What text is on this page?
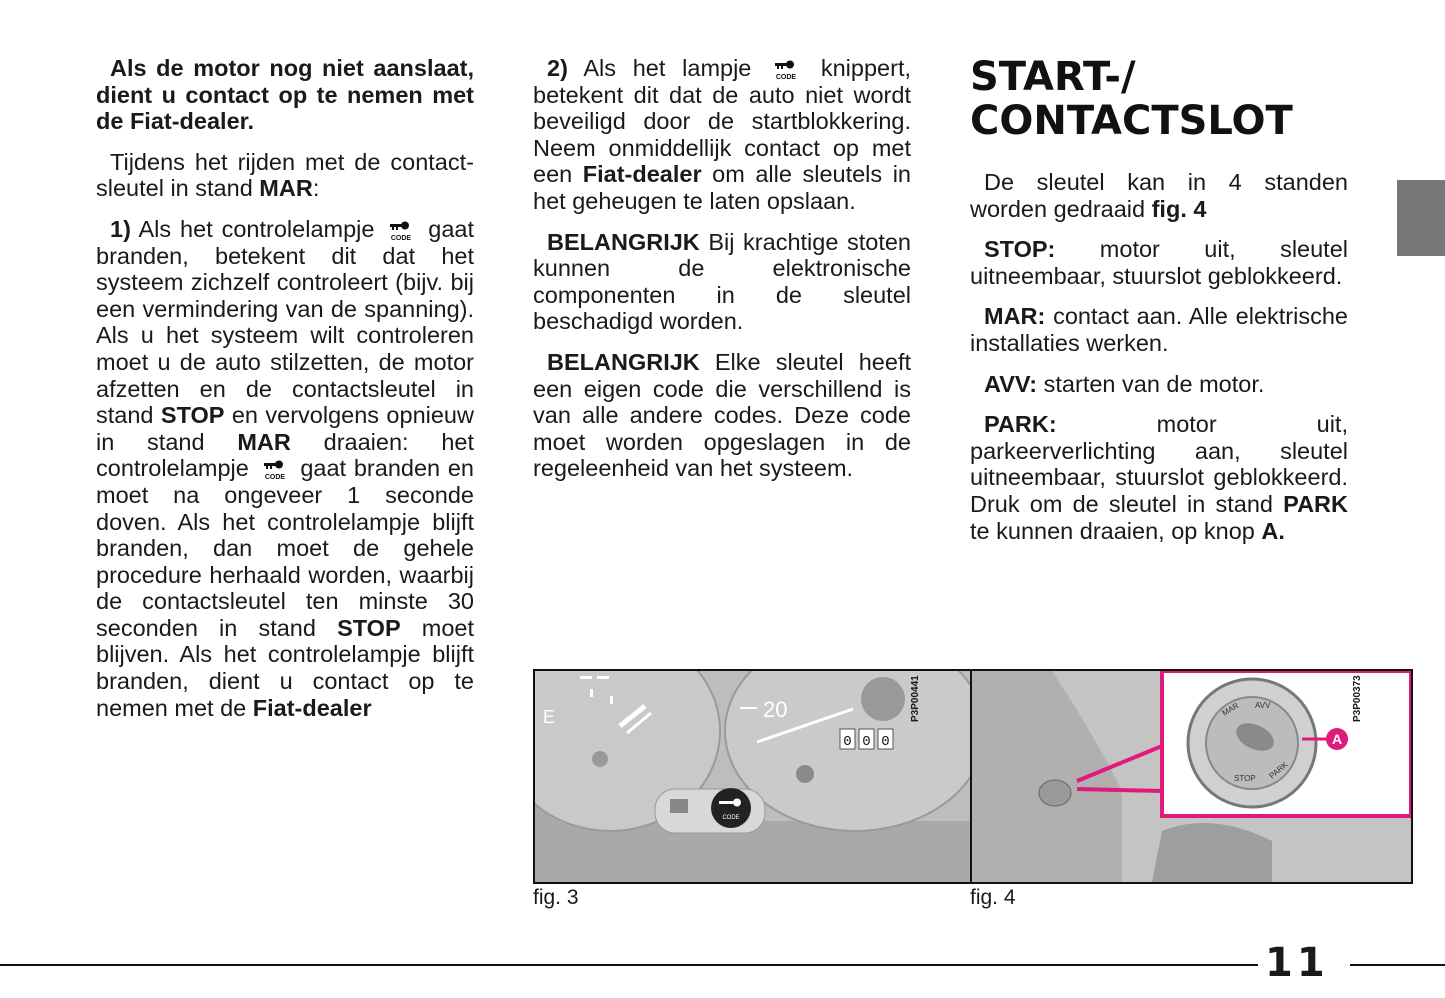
Als de motor nog niet aanslaat, dient u contact op te nemen met de Fiat-dealer.

Tijdens het rijden met de contactsleutel in stand MAR:

1) Als het controlelampje CODE gaat branden, betekent dit dat het systeem zichzelf controleert (bijv. bij een vermindering van de spanning). Als u het systeem wilt controleren moet u de auto stilzetten, de motor afzetten en de contactsleutel in stand STOP en vervolgens opnieuw in stand MAR draaien: het controlelampje CODE gaat branden en moet na ongeveer 1 seconde doven. Als het controlelampje blijft branden, dan moet de gehele procedure herhaald worden, waarbij de contactsleutel ten minste 30 seconden in stand STOP moet blijven. Als het controlelampje blijft branden, dient u contact op te nemen met de Fiat-dealer

2) Als het lampje CODE knippert, betekent dit dat de auto niet wordt beveiligd door de startblokkering. Neem onmiddellijk contact op met een Fiat-dealer om alle sleutels in het geheugen te laten opslaan.

BELANGRIJK Bij krachtige stoten kunnen de elektronische componenten in de sleutel beschadigd worden.

BELANGRIJK Elke sleutel heeft een eigen code die verschillend is van alle andere codes. Deze code moet worden opgeslagen in de regeleenheid van het systeem.

START-/
CONTACTSLOT

De sleutel kan in 4 standen worden gedraaid fig. 4

STOP: motor uit, sleutel uitneembaar, stuurslot geblokkeerd.

MAR: contact aan. Alle elektrische installaties werken.

AVV: starten van de motor.

PARK: motor uit, parkeerverlichting aan, sleutel uitneembaar, stuurslot geblokkeerd. Druk om de sleutel in stand PARK te kunnen draaien, op knop A.

E	20
0 0 0
CODE
P3P00441
fig. 3
MAR AVV
STOP PARK
A
P3P00373
fig. 4
11
